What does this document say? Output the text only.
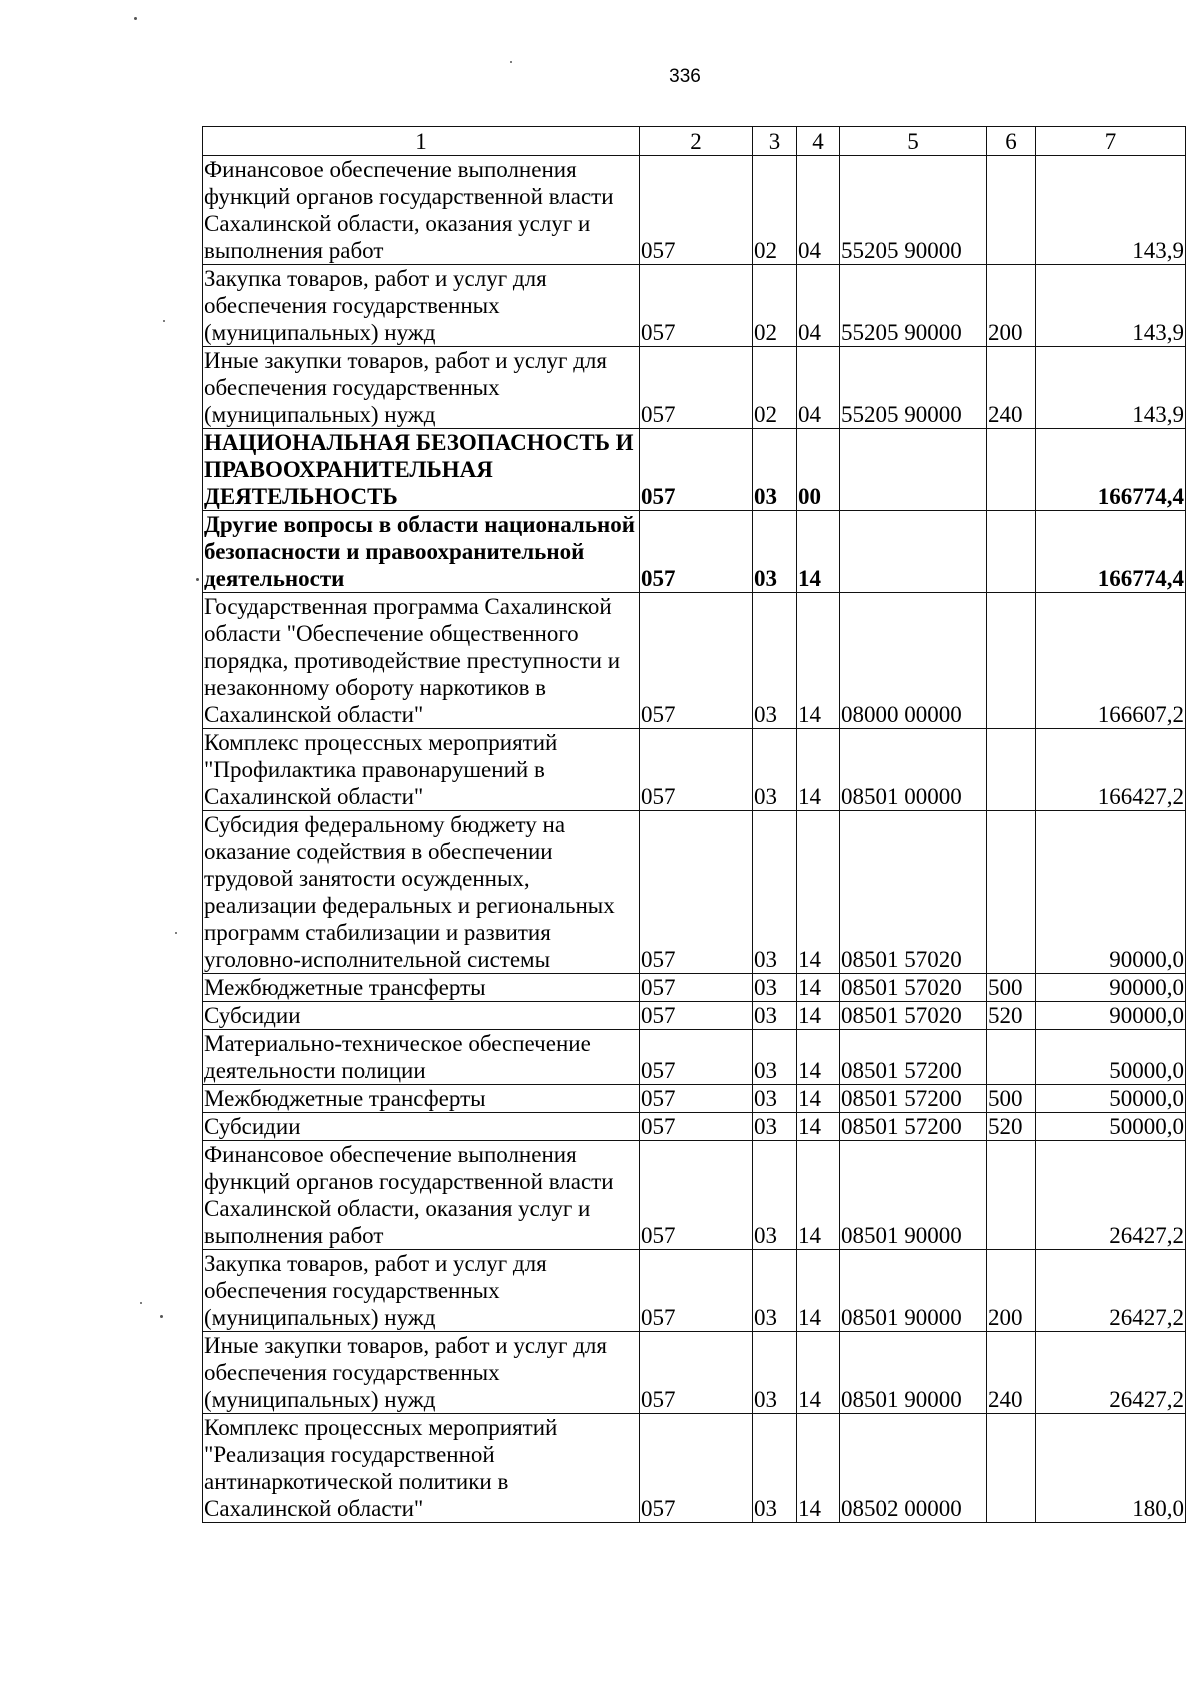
336
1	2	3	4	5	6	7
Финансовое обеспечение выполнения функций органов государственной власти Сахалинской области, оказания услуг и выполнения работ	057	02	04	55205 90000		143,9
Закупка товаров, работ и услуг для обеспечения государственных (муниципальных) нужд	057	02	04	55205 90000	200	143,9
Иные закупки товаров, работ и услуг для обеспечения государственных (муниципальных) нужд	057	02	04	55205 90000	240	143,9
НАЦИОНАЛЬНАЯ БЕЗОПАСНОСТЬ И ПРАВООХРАНИТЕЛЬНАЯ ДЕЯТЕЛЬНОСТЬ	057	03	00			166774,4
Другие вопросы в области национальной безопасности и правоохранительной деятельности	057	03	14			166774,4
Государственная программа Сахалинской области "Обеспечение общественного порядка, противодействие преступности и незаконному обороту наркотиков в Сахалинской области"	057	03	14	08000 00000		166607,2
Комплекс процессных мероприятий "Профилактика правонарушений в Сахалинской области"	057	03	14	08501 00000		166427,2
Субсидия федеральному бюджету на оказание содействия в обеспечении трудовой занятости осужденных, реализации федеральных и региональных программ стабилизации и развития уголовно-исполнительной системы	057	03	14	08501 57020		90000,0
Межбюджетные трансферты	057	03	14	08501 57020	500	90000,0
Субсидии	057	03	14	08501 57020	520	90000,0
Материально-техническое обеспечение деятельности полиции	057	03	14	08501 57200		50000,0
Межбюджетные трансферты	057	03	14	08501 57200	500	50000,0
Субсидии	057	03	14	08501 57200	520	50000,0
Финансовое обеспечение выполнения функций органов государственной власти Сахалинской области, оказания услуг и выполнения работ	057	03	14	08501 90000		26427,2
Закупка товаров, работ и услуг для обеспечения государственных (муниципальных) нужд	057	03	14	08501 90000	200	26427,2
Иные закупки товаров, работ и услуг для обеспечения государственных (муниципальных) нужд	057	03	14	08501 90000	240	26427,2
Комплекс процессных мероприятий "Реализация государственной антинаркотической политики в Сахалинской области"	057	03	14	08502 00000		180,0
